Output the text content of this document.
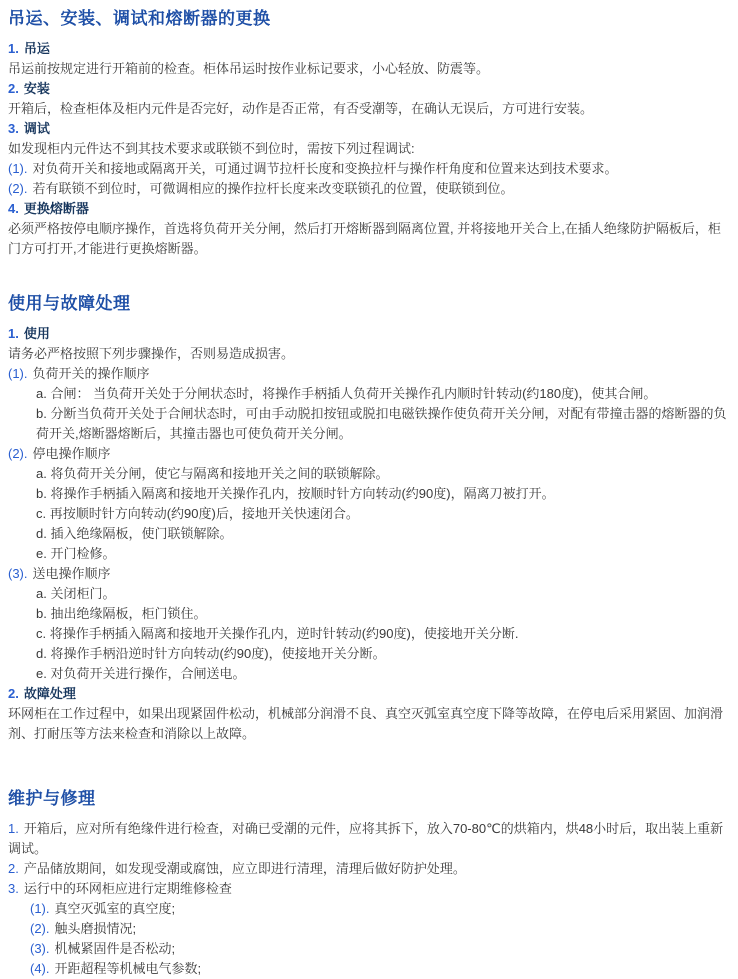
吊运、安装、调试和熔断器的更换
1. 吊运
吊运前按规定进行开箱前的检查。柜体吊运时按作业标记要求，小心轻放、防震等。
2. 安装
开箱后，检查柜体及柜内元件是否完好，动作是否正常，有否受潮等，在确认无误后，方可进行安装。
3. 调试
如发现柜内元件达不到其技术要求或联锁不到位时，需按下列过程调试:
(1). 对负荷开关和接地或隔离开关，可通过调节拉杆长度和变换拉杆与操作杆角度和位置来达到技术要求。
(2). 若有联锁不到位时，可微调相应的操作拉杆长度来改变联锁孔的位置，使联锁到位。
4. 更换熔断器
必须严格按停电顺序操作，首选将负荷开关分闸，然后打开熔断器到隔离位置, 并将接地开关合上,在插人绝缘防护隔板后，柜门方可打开,才能进行更换熔断器。
使用与故障处理
1. 使用
请务必严格按照下列步骤操作，否则易造成损害。
(1). 负荷开关的操作顺序
a. 合闸： 当负荷开关处于分闸状态时，将操作手柄插人负荷开关操作孔内顺时针转动(约180度)，使其合闸。
b. 分断当负荷开关处于合闸状态时，可由手动脱扣按钮或脱扣电磁铁操作使负荷开关分闸，对配有带撞击器的熔断器的负荷开关,熔断器熔断后，其撞击器也可使负荷开关分闸。
(2). 停电操作顺序
a. 将负荷开关分闸，使它与隔离和接地开关之间的联锁解除。
b. 将操作手柄插入隔离和接地开关操作孔内，按顺时针方向转动(约90度)，隔离刀被打开。
c. 再按顺时针方向转动(约90度)后，接地开关快速闭合。
d. 插入绝缘隔板，使门联锁解除。
e. 开门检修。
(3). 送电操作顺序
a. 关闭柜门。
b. 抽出绝缘隔板，柜门锁住。
c. 将操作手柄插入隔离和接地开关操作孔内，逆时针转动(约90度)，使接地开关分断.
d. 将操作手柄沿逆时针方向转动(约90度)，使接地开关分断。
e. 对负荷开关进行操作，合闸送电。
2. 故障处理
环网柜在工作过程中，如果出现紧固件松动，机械部分润滑不良、真空灭弧室真空度下降等故障，在停电后采用紧固、加润滑剂、打耐压等方法来检查和消除以上故障。
维护与修理
1. 开箱后，应对所有绝缘件进行检查，对确已受潮的元件，应将其拆下，放入70-80℃的烘箱内，烘48小时后，取出装上重新调试。
2. 产品储放期间，如发现受潮或腐蚀，应立即进行清理，清理后做好防护处理。
3. 运行中的环网柜应进行定期维修检查
(1). 真空灭弧室的真空度;
(2). 触头磨损情况;
(3). 机械紧固件是否松动;
(4). 开距超程等机械电气参数;
